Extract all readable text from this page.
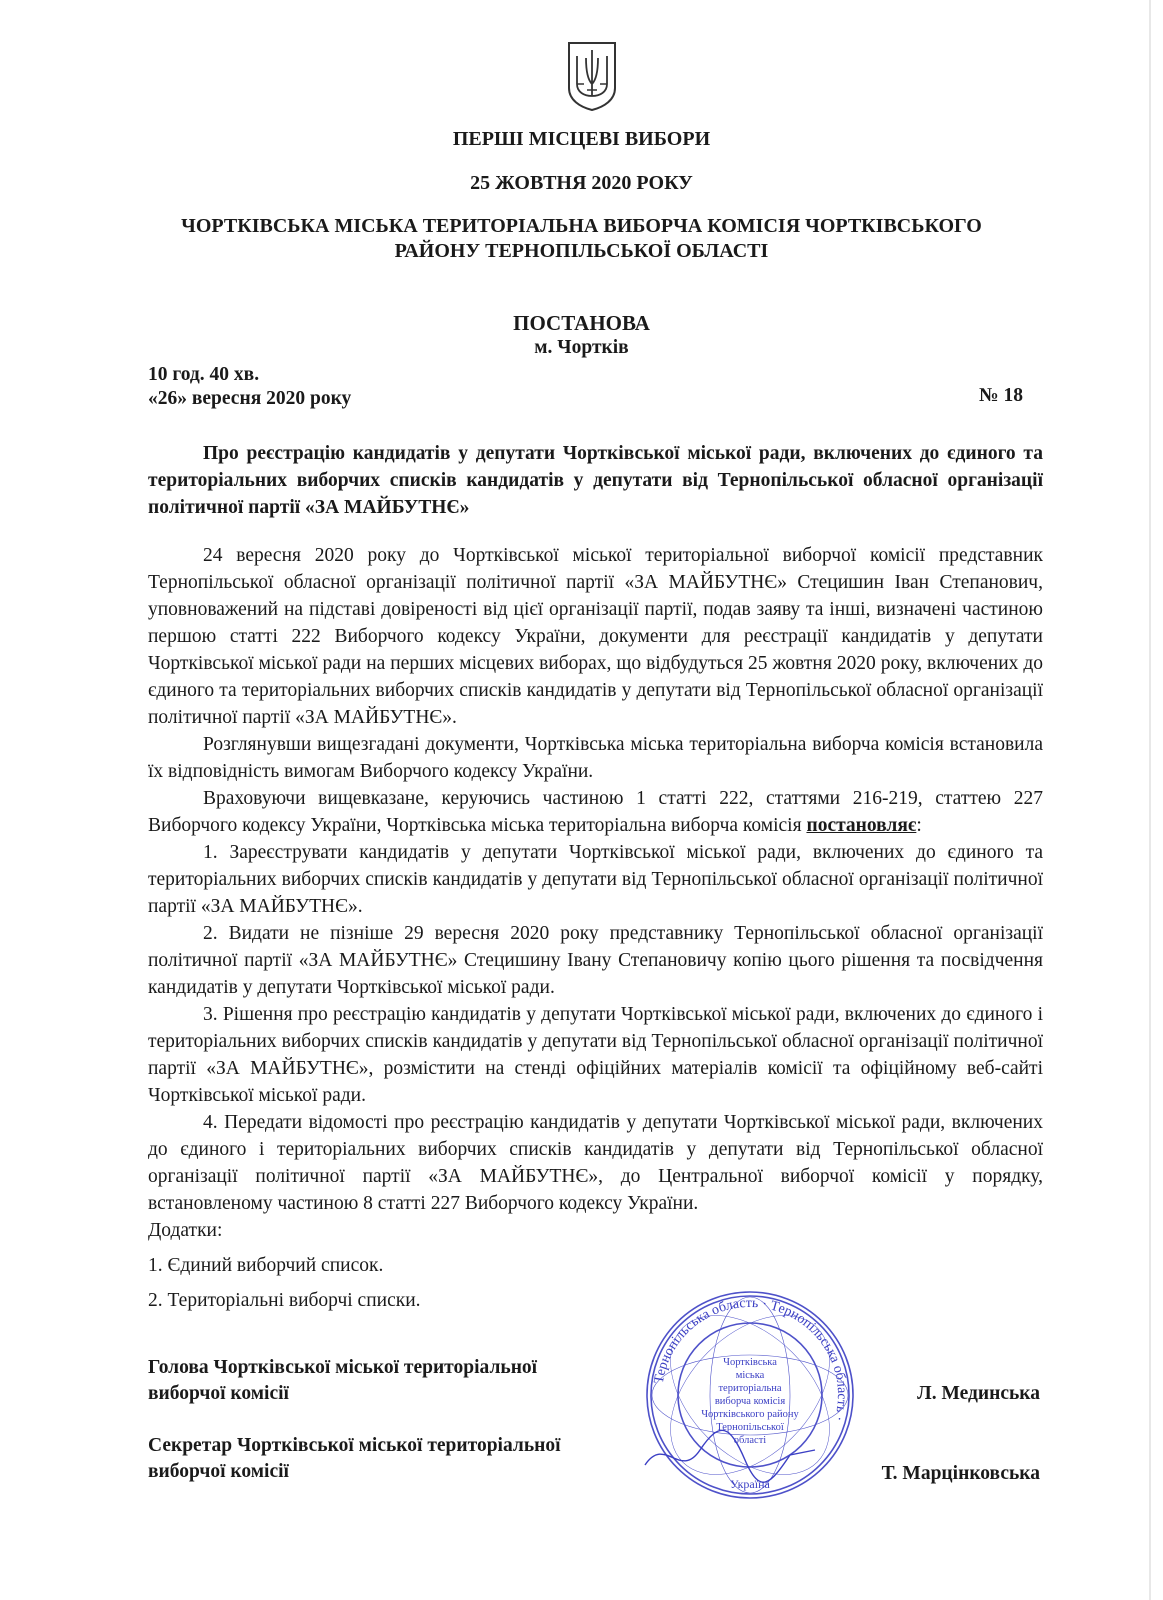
ПЕРШІ МІСЦЕВІ ВИБОРИ
25 ЖОВТНЯ 2020 РОКУ
ЧОРТКІВСЬКА МІСЬКА ТЕРИТОРІАЛЬНА ВИБОРЧА КОМІСІЯ ЧОРТКІВСЬКОГО
РАЙОНУ ТЕРНОПІЛЬСЬКОЇ ОБЛАСТІ
ПОСТАНОВА
м. Чортків
10 год. 40 хв.
«26» вересня 2020 року	№ 18
Про реєстрацію кандидатів у депутати Чортківської міської ради, включених до єдиного та територіальних виборчих списків кандидатів у депутати від Тернопільської обласної організації політичної партії «ЗА МАЙБУТНЄ»

24 вересня 2020 року до Чортківської міської територіальної виборчої комісії представник Тернопільської обласної організації політичної партії «ЗА МАЙБУТНЄ» Стецишин Іван Степанович, уповноважений на підставі довіреності від цієї організації партії, подав заяву та інші, визначені частиною першою статті 222 Виборчого кодексу України, документи для реєстрації кандидатів у депутати Чортківської міської ради на перших місцевих виборах, що відбудуться 25 жовтня 2020 року, включених до єдиного та територіальних виборчих списків кандидатів у депутати від Тернопільської обласної організації політичної партії «ЗА МАЙБУТНЄ».

Розглянувши вищезгадані документи, Чортківська міська територіальна виборча комісія встановила їх відповідність вимогам Виборчого кодексу України.

Враховуючи вищевказане, керуючись частиною 1 статті 222, статтями 216-219, статтею 227 Виборчого кодексу України, Чортківська міська територіальна виборча комісія постановляє:

1. Зареєструвати кандидатів у депутати Чортківської міської ради, включених до єдиного та територіальних виборчих списків кандидатів у депутати від Тернопільської обласної організації політичної партії «ЗА МАЙБУТНЄ».

2. Видати не пізніше 29 вересня 2020 року представнику Тернопільської обласної організації політичної партії «ЗА МАЙБУТНЄ» Стецишину Івану Степановичу копію цього рішення та посвідчення кандидатів у депутати Чортківської міської ради.

3. Рішення про реєстрацію кандидатів у депутати Чортківської міської ради, включених до єдиного і територіальних виборчих списків кандидатів у депутати від Тернопільської обласної організації політичної партії «ЗА МАЙБУТНЄ», розмістити на стенді офіційних матеріалів комісії та офіційному веб-сайті Чортківської міської ради.

4. Передати відомості про реєстрацію кандидатів у депутати Чортківської міської ради, включених до єдиного і територіальних виборчих списків кандидатів у депутати від Тернопільської обласної організації політичної партії «ЗА МАЙБУТНЄ», до Центральної виборчої комісії у порядку, встановленому частиною 8 статті 227 Виборчого кодексу України.

Додатки:

1. Єдиний виборчий список.

2. Територіальні виборчі списки.

Тернопільська область · Тернопільська область ·
Чортківська
міська
територіальна
виборча комісія
Чортківського району
Тернопільської
області
Україна
Голова Чортківської міської територіальної
виборчої комісії	Л. Мединська
Секретар Чортківської міської територіальної
виборчої комісії	Т. Марцінковська
